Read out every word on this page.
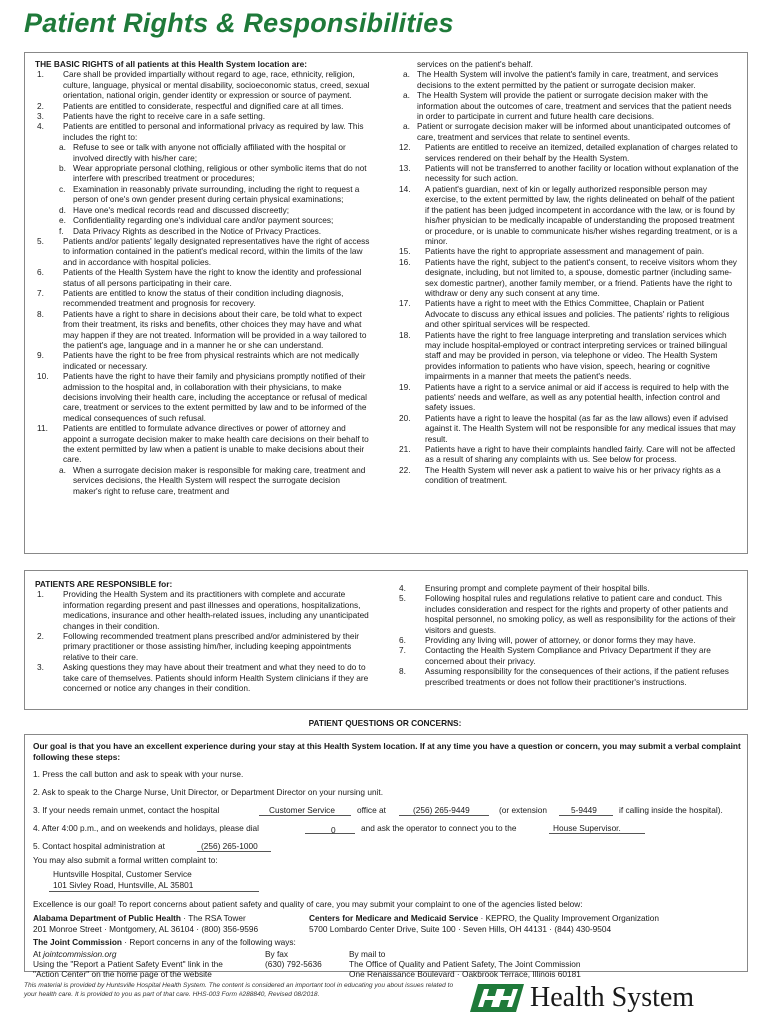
Patient Rights & Responsibilities
THE BASIC RIGHTS of all patients at this Health System location are:
1.	Care shall be provided impartially without regard to age, race, ethnicity, religion, culture, language, physical or mental disability, socioeconomic status, creed, sexual orientation, national origin, gender identity or expression or source of payment.
2.	Patients are entitled to considerate, respectful and dignified care at all times.
3.	Patients have the right to receive care in a safe setting.
4.	Patients are entitled to personal and informational privacy as required by law. This includes the right to:
a. Refuse to see or talk with anyone not officially affiliated with the hospital or involved directly with his/her care;
b. Wear appropriate personal clothing, religious or other symbolic items that do not interfere with prescribed treatment or procedures;
c. Examination in reasonably private surrounding, including the right to request a person of one's own gender present during certain physical examinations;
d. Have one's medical records read and discussed discreetly;
e. Confidentiality regarding one's individual care and/or payment sources;
f. Data Privacy Rights as described in the Notice of Privacy Practices.
5.	Patients and/or patients' legally designated representatives have the right of access to information contained in the patient's medical record, within the limits of the law and in accordance with hospital policies.
6.	Patients of the Health System have the right to know the identity and professional status of all persons participating in their care.
7.	Patients are entitled to know the status of their condition including diagnosis, recommended treatment and prognosis for recovery.
8.	Patients have a right to share in decisions about their care, be told what to expect from their treatment, its risks and benefits, other choices they may have and what may happen if they are not treated. Information will be provided in a way tailored to the patient's age, language and in a manner he or she can understand.
9.	Patients have the right to be free from physical restraints which are not medically indicated or necessary.
10.	Patients have the right to have their family and physicians promptly notified of their admission to the hospital and, in collaboration with their physicians, to make decisions involving their health care, including the acceptance or refusal of medical care, treatment or services to the extent permitted by law and to be informed of the medical consequences of such refusal.
11.	Patients are entitled to formulate advance directives or power of attorney and appoint a surrogate decision maker to make health care decisions on their behalf to the extent permitted by law when a patient is unable to make decisions about their care.
a. When a surrogate decision maker is responsible for making care, treatment and services decisions, the Health System will respect the surrogate decision maker's right to refuse care, treatment and
services on the patient's behalf.
a. The Health System will involve the patient's family in care, treatment, and services decisions to the extent permitted by the patient or surrogate decision maker.
a. The Health System will provide the patient or surrogate decision maker with the information about the outcomes of care, treatment and services that the patient needs in order to participate in current and future health care decisions.
a. Patient or surrogate decision maker will be informed about unanticipated outcomes of care, treatment and services that relate to sentinel events.
12.	Patients are entitled to receive an itemized, detailed explanation of charges related to services rendered on their behalf by the Health System.
13.	Patients will not be transferred to another facility or location without explanation of the necessity for such action.
14.	A patient's guardian, next of kin or legally authorized responsible person may exercise, to the extent permitted by law, the rights delineated on behalf of the patient if the patient has been judged incompetent in accordance with the law, or is found by his/her physician to be medically incapable of understanding the proposed treatment or procedure, or is unable to communicate his/her wishes regarding treatment, or is a minor.
15.	Patients have the right to appropriate assessment and management of pain.
16.	Patients have the right, subject to the patient's consent, to receive visitors whom they designate, including, but not limited to, a spouse, domestic partner (including same-sex domestic partner), another family member, or a friend. Patients have the right to withdraw or deny any such consent at any time.
17.	Patients have a right to meet with the Ethics Committee, Chaplain or Patient Advocate to discuss any ethical issues and policies. The patients' rights to religious and other spiritual services will be respected.
18.	Patients have the right to free language interpreting and translation services which may include hospital-employed or contract interpreting services or trained bilingual staff and may be provided in person, via telephone or video. The Health System provides information to patients who have vision, speech, hearing or cognitive impairments in a manner that meets the patient's needs.
19.	Patients have a right to a service animal or aid if access is required to help with the patients' needs and welfare, as well as any potential health, infection control and safety issues.
20.	Patients have a right to leave the hospital (as far as the law allows) even if advised against it. The Health System will not be responsible for any medical issues that may result.
21.	Patients have a right to have their complaints handled fairly. Care will not be affected as a result of sharing any complaints with us. See below for process.
22.	The Health System will never ask a patient to waive his or her privacy rights as a condition of treatment.
PATIENTS ARE RESPONSIBLE for:
1.	Providing the Health System and its practitioners with complete and accurate information regarding present and past illnesses and operations, hospitalizations, medications, insurance and other health-related issues, including any unanticipated changes in their condition.
2.	Following recommended treatment plans prescribed and/or administered by their primary practitioner or those assisting him/her, including keeping appointments relative to their care.
3.	Asking questions they may have about their treatment and what they need to do to take care of themselves. Patients should inform Health System clinicians if they are concerned or notice any changes in their condition.
4.	Ensuring prompt and complete payment of their hospital bills.
5.	Following hospital rules and regulations relative to patient care and conduct. This includes consideration and respect for the rights and property of other patients and hospital personnel, no smoking policy, as well as responsibility for the actions of their visitors and guests.
6.	Providing any living will, power of attorney, or donor forms they may have.
7.	Contacting the Health System Compliance and Privacy Department if they are concerned about their privacy.
8.	Assuming responsibility for the consequences of their actions, if the patient refuses prescribed treatments or does not follow their practitioner's instructions.
PATIENT QUESTIONS OR CONCERNS:
Our goal is that you have an excellent experience during your stay at this Health System location. If at any time you have a question or concern, you may submit a verbal complaint following these steps:
1. Press the call button and ask to speak with your nurse.
2. Ask to speak to the Charge Nurse, Unit Director, or Department Director on your nursing unit.
3. If your needs remain unmet, contact the hospital	Customer Service	office at	(256) 265-9449	(or extension	5-9449	if calling inside the hospital).
4. After 4:00 p.m., and on weekends and holidays, please dial	0	and ask the operator to connect you to the	House Supervisor.
5. Contact hospital administration at	(256) 265-1000
You may also submit a formal written complaint to:
Huntsville Hospital, Customer Service
101 Sivley Road, Huntsville, AL 35801
Excellence is our goal! To report concerns about patient safety and quality of care, you may submit your complaint to one of the agencies listed below:
Alabama Department of Public Health · The RSA Tower
201 Monroe Street · Montgomery, AL 36104 · (800) 356-9596
Centers for Medicare and Medicaid Service · KEPRO, the Quality Improvement Organization
5700 Lombardo Center Drive, Suite 100 · Seven Hills, OH 44131 · (844) 430-9504
The Joint Commission · Report concerns in any of the following ways:
At jointcommission.org
Using the "Report a Patient Safety Event" link in the
"Action Center" on the home page of the website
By fax
(630) 792-5636
By mail to
The Office of Quality and Patient Safety, The Joint Commission
One Renaissance Boulevard · Oakbrook Terrace, Illinois 60181
This material is provided by Huntsville Hospital Health System. The content is considered an important tool in educating you about issues related to your health care. It is provided to you as part of that care. HHS-003 Form #288840, Revised 08/2018.	Health System
